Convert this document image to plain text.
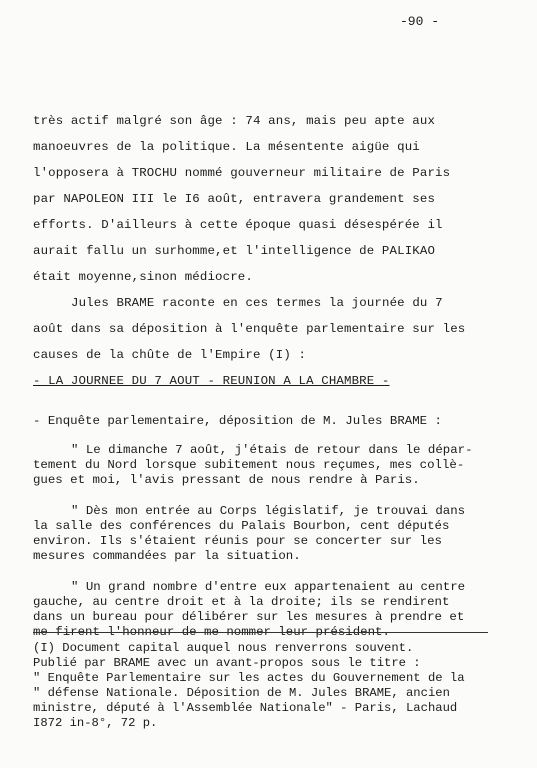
-90 -
très actif malgré son âge : 74 ans, mais peu apte aux
manoeuvres de la politique. La mésentente aigüe qui
l'opposera à TROCHU nommé gouverneur militaire de Paris
par NAPOLEON III le I6 août, entravera grandement ses
efforts. D'ailleurs à cette époque quasi désespérée il
aurait fallu un surhomme,et l'intelligence de PALIKAO
était moyenne,sinon médiocre.
Jules BRAME raconte en ces termes la journée du 7
août dans sa déposition à l'enquête parlementaire sur les
causes de la chûte de l'Empire (I) :
- LA JOURNEE DU 7 AOUT - REUNION A LA CHAMBRE -
- Enquête parlementaire, déposition de M. Jules BRAME :
" Le dimanche 7 août, j'étais de retour dans le dépar-
tement du Nord lorsque subitement nous reçumes, mes collè-
gues et moi, l'avis pressant de nous rendre à Paris.
" Dès mon entrée au Corps législatif, je trouvai dans
la salle des conférences du Palais Bourbon, cent députés
environ. Ils s'étaient réunis pour se concerter sur les
mesures commandées par la situation.
" Un grand nombre d'entre eux appartenaient au centre
gauche, au centre droit et à la droite; ils se rendirent
dans un bureau pour délibérer sur les mesures à prendre et
me firent l'honneur de me nommer leur président.
(I) Document capital auquel nous renverrons souvent.
Publié par BRAME avec un avant-propos sous le titre :
" Enquête Parlementaire sur les actes du Gouvernement de la
" défense Nationale. Déposition de M. Jules BRAME, ancien
ministre, député à l'Assemblée Nationale" - Paris, Lachaud
I872 in-8°, 72 p.
